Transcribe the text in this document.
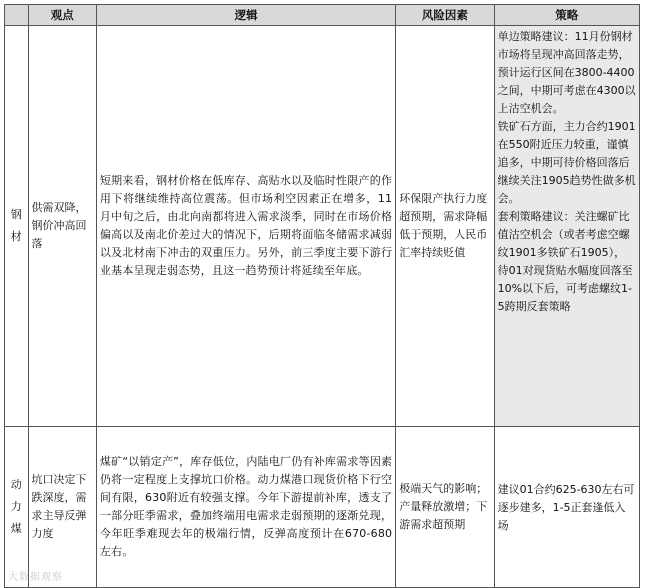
	观点	逻辑	风险因素	策略
钢材	供需双降，钢价冲高回落	短期来看，钢材价格在低库存、高贴水以及临时性限产的作用下将继续维持高位震荡。但市场利空因素正在增多，11月中旬之后，由北向南都将进入需求淡季，同时在市场价格偏高以及南北价差过大的情况下，后期将面临冬储需求减弱以及北材南下冲击的双重压力。另外，前三季度主要下游行业基本呈现走弱态势，且这一趋势预计将延续至年底。	环保限产执行力度超预期，需求降幅低于预期，人民币汇率持续贬值	单边策略建议：11月份钢材市场将呈现冲高回落走势，预计运行区间在3800-4400之间，中期可考虑在4300以上沽空机会。

铁矿石方面，主力合约1901在550附近压力较重，谨慎追多，中期可待价格回落后继续关注1905趋势性做多机会。

套利策略建议：关注螺矿比值沽空机会（或者考虑空螺纹1901多铁矿石1905），待01对现货贴水幅度回落至10%以下后，可考虑螺纹1-5跨期反套策略

动力煤	坑口决定下跌深度，需求主导反弹力度	煤矿“以销定产”，库存低位，内陆电厂仍有补库需求等因素仍将一定程度上支撑坑口价格。动力煤港口现货价格下行空间有限，630附近有较强支撑。今年下游提前补库，透支了一部分旺季需求，叠加终端用电需求走弱预期的逐渐兑现，今年旺季难现去年的极端行情，反弹高度预计在670-680左右。	极端天气的影响；产量释放激增；下游需求超预期	建议01合约625-630左右可逐步建多，1-5正套逢低入场

大数据观察
